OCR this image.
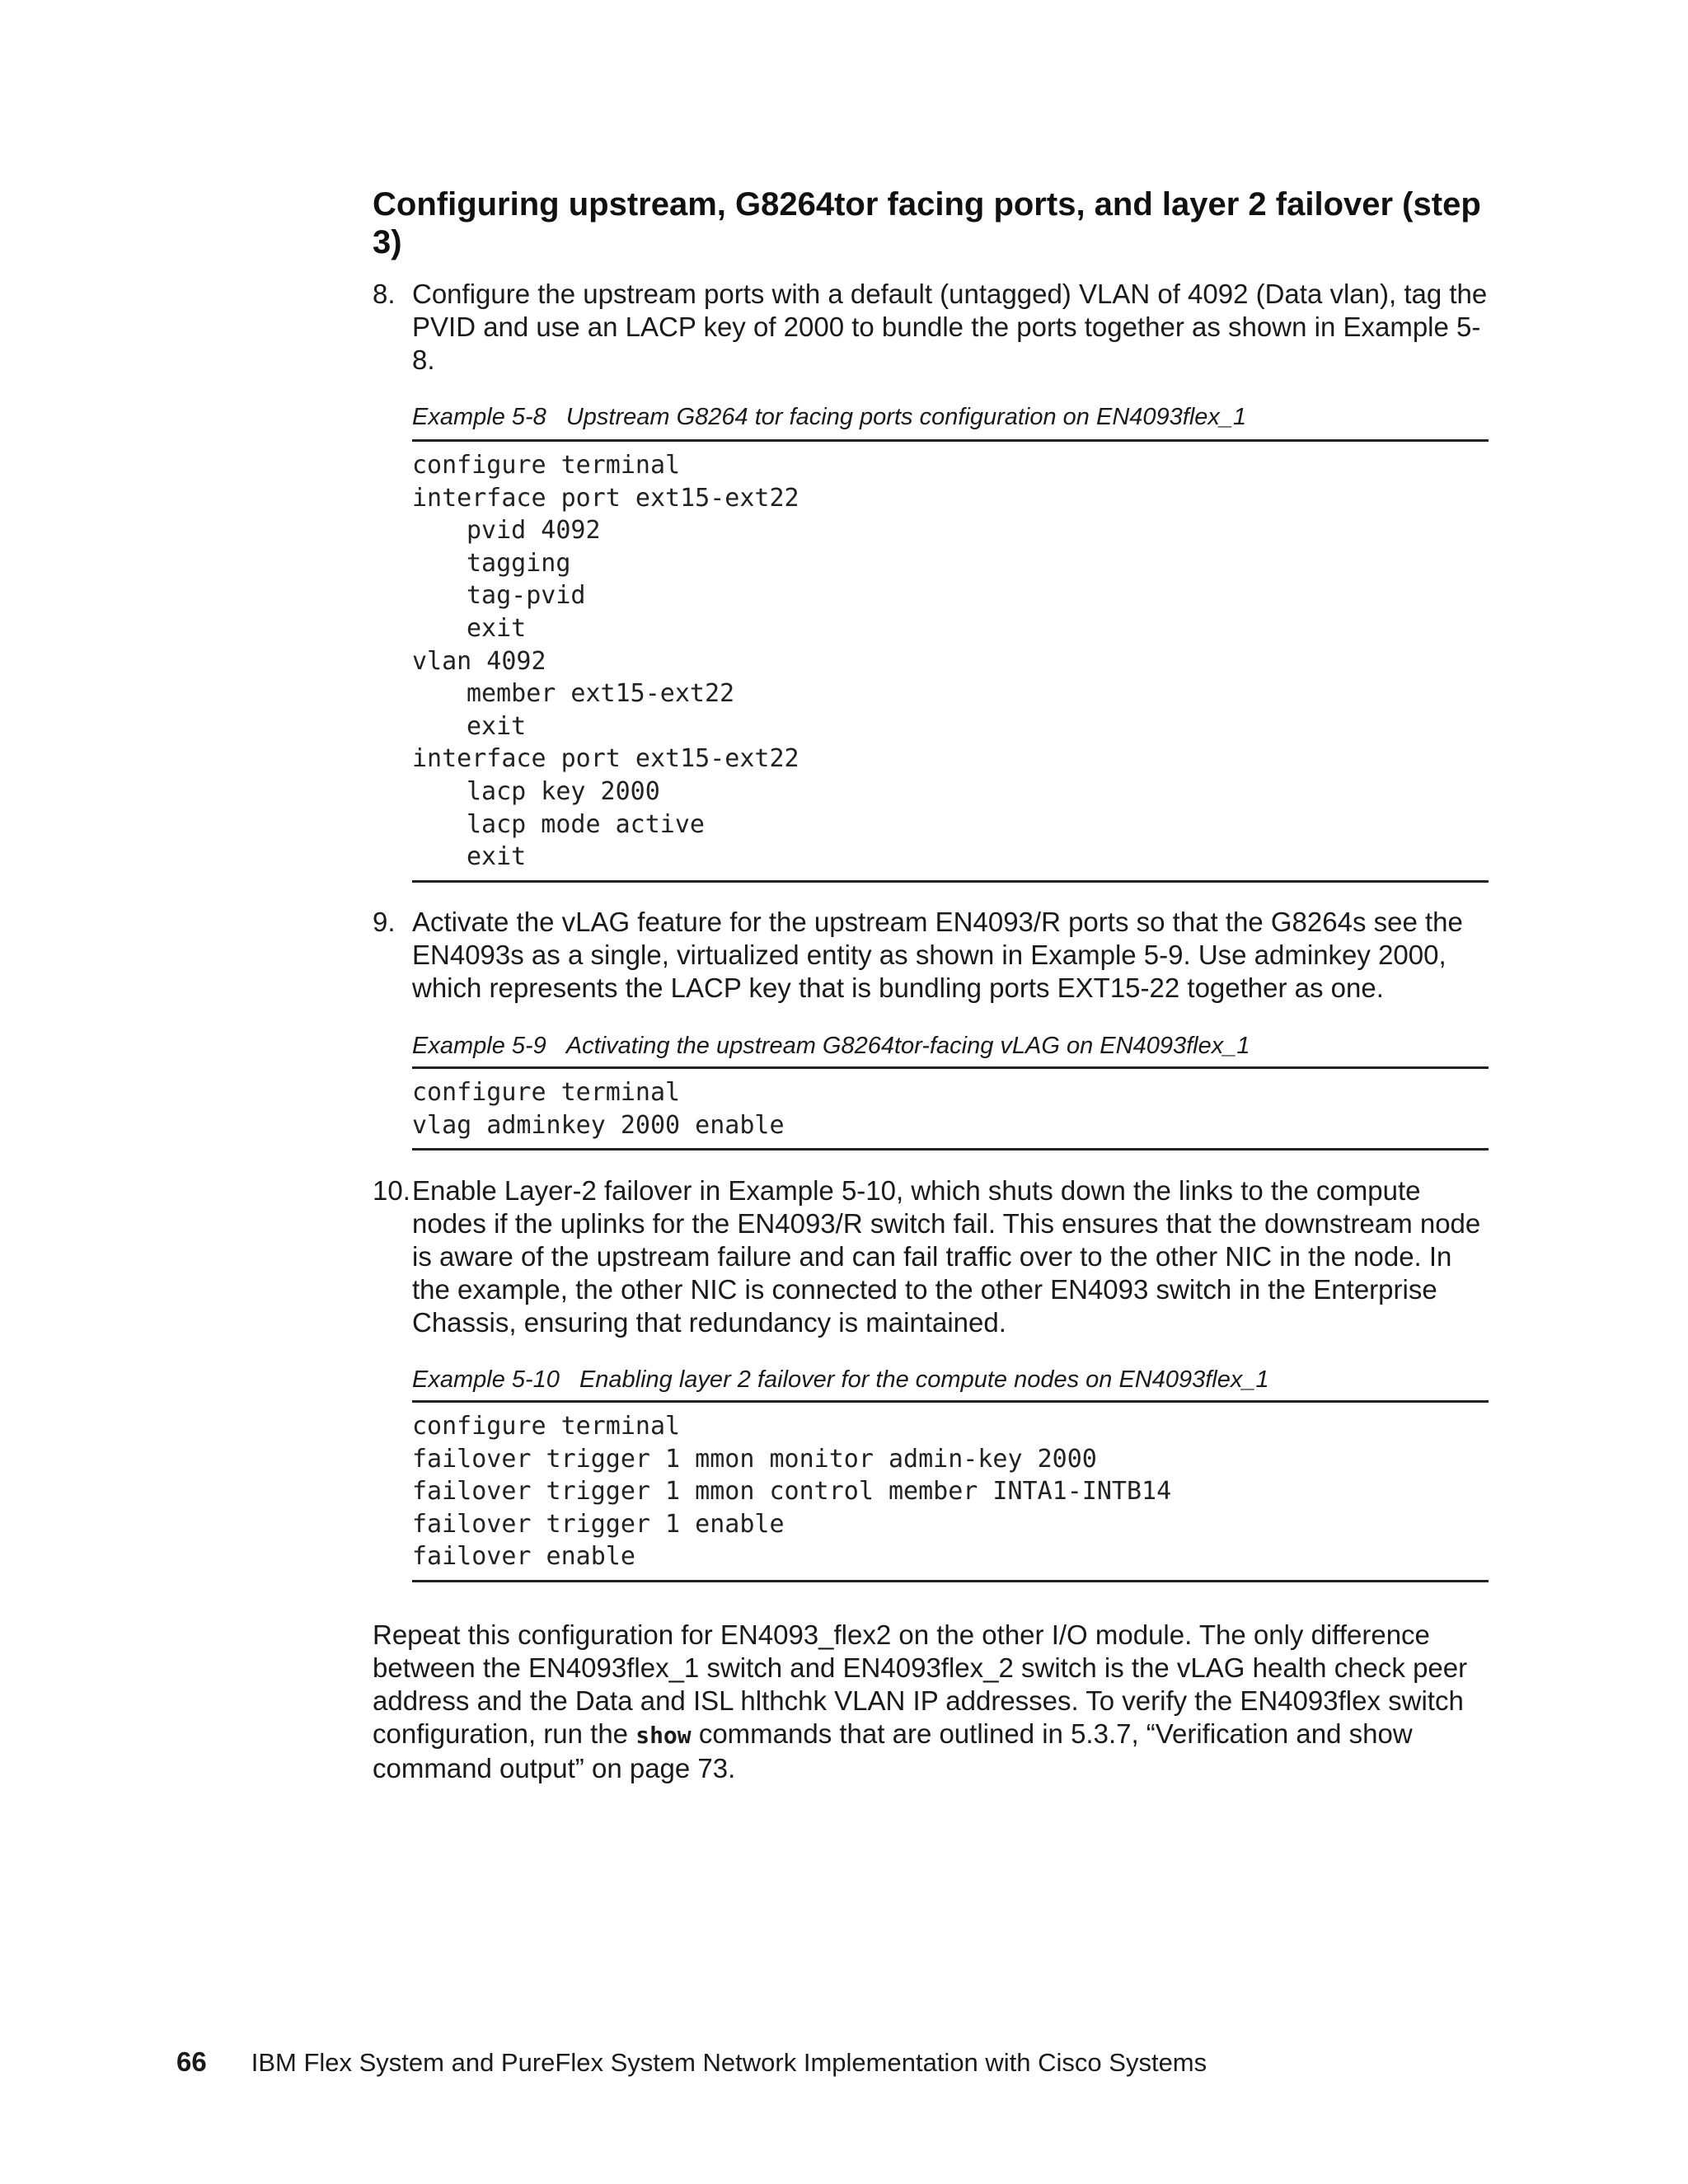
Configuring upstream, G8264tor facing ports, and layer 2 failover (step 3)
8. Configure the upstream ports with a default (untagged) VLAN of 4092 (Data vlan), tag the PVID and use an LACP key of 2000 to bundle the ports together as shown in Example 5-8.
Example 5-8 Upstream G8264 tor facing ports configuration on EN4093flex_1
configure terminal
interface port ext15-ext22
pvid 4092
tagging
tag-pvid
exit
vlan 4092
member ext15-ext22
exit
interface port ext15-ext22
lacp key 2000
lacp mode active
exit
9. Activate the vLAG feature for the upstream EN4093/R ports so that the G8264s see the EN4093s as a single, virtualized entity as shown in Example 5-9. Use adminkey 2000, which represents the LACP key that is bundling ports EXT15-22 together as one.
Example 5-9 Activating the upstream G8264tor-facing vLAG on EN4093flex_1
configure terminal
vlag adminkey 2000 enable
10. Enable Layer-2 failover in Example 5-10, which shuts down the links to the compute nodes if the uplinks for the EN4093/R switch fail. This ensures that the downstream node is aware of the upstream failure and can fail traffic over to the other NIC in the node. In the example, the other NIC is connected to the other EN4093 switch in the Enterprise Chassis, ensuring that redundancy is maintained.
Example 5-10 Enabling layer 2 failover for the compute nodes on EN4093flex_1
configure terminal
failover trigger 1 mmon monitor admin-key 2000
failover trigger 1 mmon control member INTA1-INTB14
failover trigger 1 enable
failover enable

Repeat this configuration for EN4093_flex2 on the other I/O module. The only difference between the EN4093flex_1 switch and EN4093flex_2 switch is the vLAG health check peer address and the Data and ISL hlthchk VLAN IP addresses. To verify the EN4093flex switch configuration, run the show commands that are outlined in 5.3.7, “Verification and show command output” on page 73.

66 IBM Flex System and PureFlex System Network Implementation with Cisco Systems
